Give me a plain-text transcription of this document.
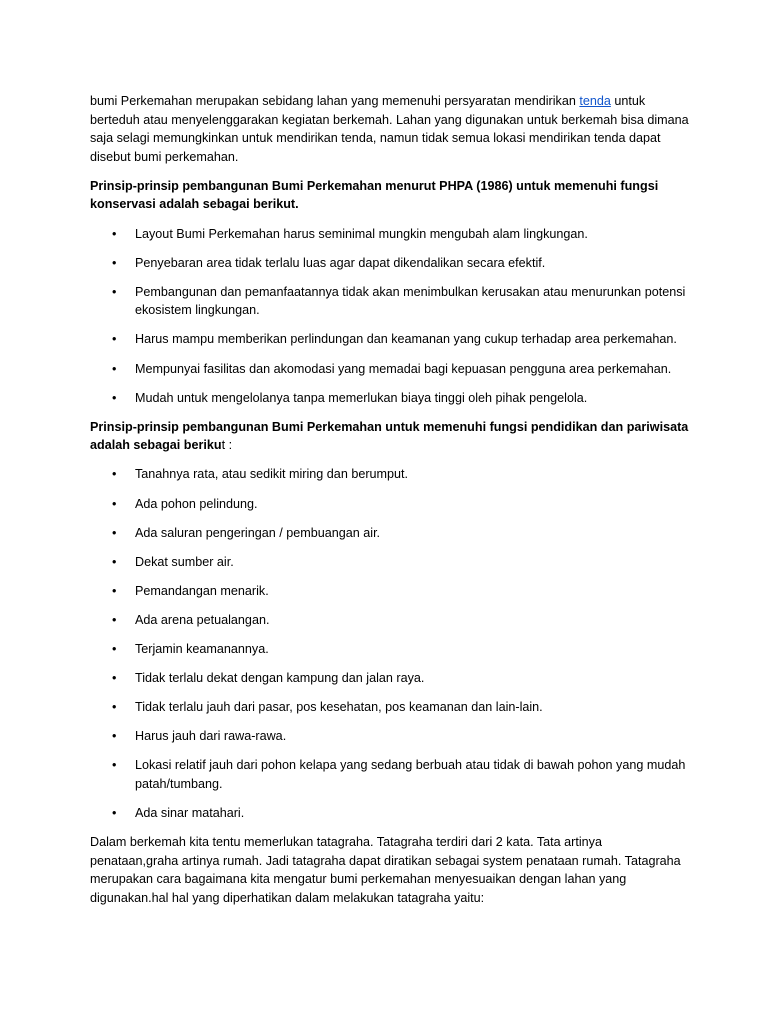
bumi Perkemahan merupakan sebidang lahan yang memenuhi persyaratan mendirikan tenda untuk berteduh atau menyelenggarakan kegiatan berkemah. Lahan yang digunakan untuk berkemah bisa dimana saja selagi memungkinkan untuk mendirikan tenda, namun tidak semua lokasi mendirikan tenda dapat disebut bumi perkemahan.

Prinsip-prinsip pembangunan Bumi Perkemahan menurut PHPA (1986) untuk memenuhi fungsi konservasi adalah sebagai berikut.

• Layout Bumi Perkemahan harus seminimal mungkin mengubah alam lingkungan.
• Penyebaran area tidak terlalu luas agar dapat dikendalikan secara efektif.
• Pembangunan dan pemanfaatannya tidak akan menimbulkan kerusakan atau menurunkan potensi ekosistem lingkungan.
• Harus mampu memberikan perlindungan dan keamanan yang cukup terhadap area perkemahan.
• Mempunyai fasilitas dan akomodasi yang memadai bagi kepuasan pengguna area perkemahan.
• Mudah untuk mengelolanya tanpa memerlukan biaya tinggi oleh pihak pengelola.

Prinsip-prinsip pembangunan Bumi Perkemahan untuk memenuhi fungsi pendidikan dan pariwisata adalah sebagai berikut :

• Tanahnya rata, atau sedikit miring dan berumput.
• Ada pohon pelindung.
• Ada saluran pengeringan / pembuangan air.
• Dekat sumber air.
• Pemandangan menarik.
• Ada arena petualangan.
• Terjamin keamanannya.
• Tidak terlalu dekat dengan kampung dan jalan raya.
• Tidak terlalu jauh dari pasar, pos kesehatan, pos keamanan dan lain-lain.
• Harus jauh dari rawa-rawa.
• Lokasi relatif jauh dari pohon kelapa yang sedang berbuah atau tidak di bawah pohon yang mudah patah/tumbang.
• Ada sinar matahari.

Dalam berkemah kita tentu memerlukan tatagraha. Tatagraha terdiri dari 2 kata. Tata artinya penataan,graha artinya rumah. Jadi tatagraha dapat diratikan sebagai system penataan rumah. Tatagraha merupakan cara bagaimana kita mengatur bumi perkemahan menyesuaikan dengan lahan yang digunakan.hal hal yang diperhatikan dalam melakukan tatagraha yaitu:
